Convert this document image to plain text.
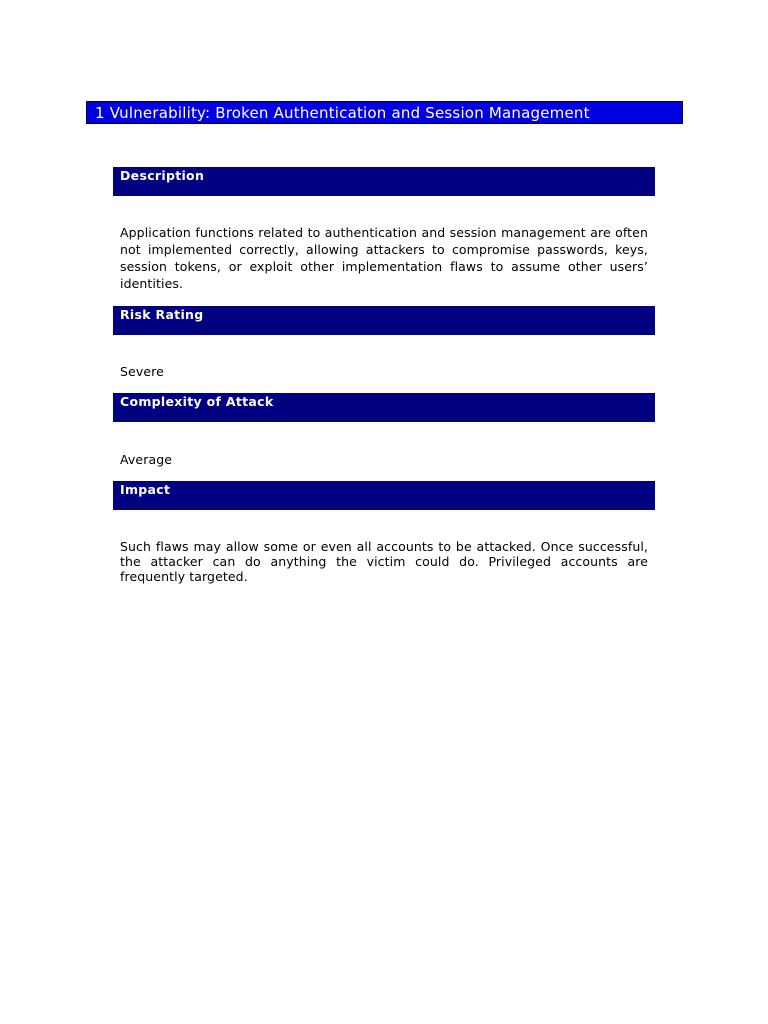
1 Vulnerability: Broken Authentication and Session Management
Description
Application functions related to authentication and session management are often not implemented correctly, allowing attackers to compromise passwords, keys, session tokens, or exploit other implementation flaws to assume other users’ identities.
Risk Rating
Severe
Complexity of Attack
Average
Impact
Such flaws may allow some or even all accounts to be attacked. Once successful, the attacker can do anything the victim could do. Privileged accounts are frequently targeted.
